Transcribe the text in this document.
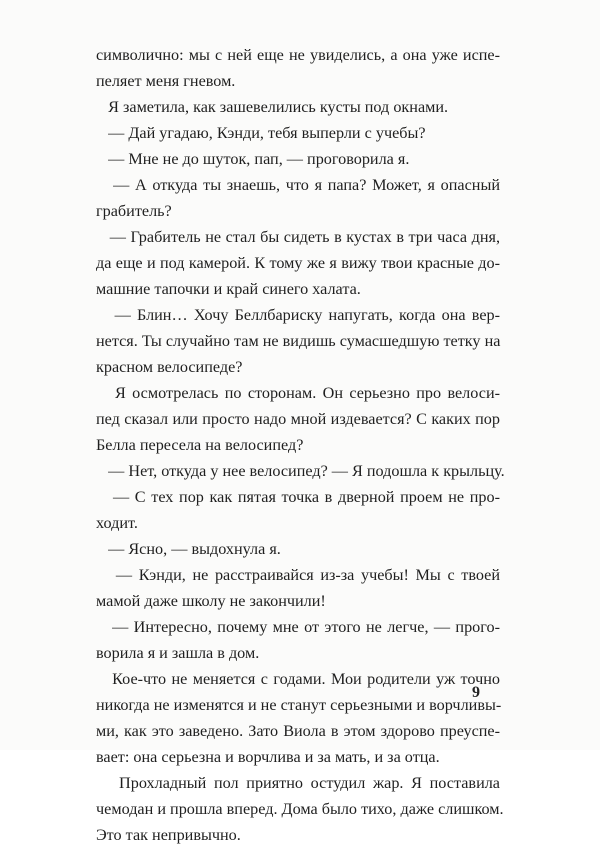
символично: мы с ней еще не увиделись, а она уже испе-
пеляет меня гневом.
Я заметила, как зашевелились кусты под окнами.
— Дай угадаю, Кэнди, тебя выперли с учебы?
— Мне не до шуток, пап, — проговорила я.
— А откуда ты знаешь, что я папа? Может, я опасный
грабитель?
— Грабитель не стал бы сидеть в кустах в три часа дня,
да еще и под камерой. К тому же я вижу твои красные до-
машние тапочки и край синего халата.
— Блин… Хочу Беллбариску напугать, когда она вер-
нется. Ты случайно там не видишь сумасшедшую тетку на
красном велосипеде?
Я осмотрелась по сторонам. Он серьезно про велоси-
пед сказал или просто надо мной издевается? С каких пор
Белла пересела на велосипед?
— Нет, откуда у нее велосипед? — Я подошла к крыльцу.
— С тех пор как пятая точка в дверной проем не про-
ходит.
— Ясно, — выдохнула я.
— Кэнди, не расстраивайся из-за учебы! Мы с твоей
мамой даже школу не закончили!
— Интересно, почему мне от этого не легче, — прого-
ворила я и зашла в дом.
Кое-что не меняется с годами. Мои родители уж точно
никогда не изменятся и не станут серьезными и ворчливы-
ми, как это заведено. Зато Виола в этом здорово преуспе-
вает: она серьезна и ворчлива и за мать, и за отца.
Прохладный пол приятно остудил жар. Я поставила
чемодан и прошла вперед. Дома было тихо, даже слишком.
Это так непривычно.
9
